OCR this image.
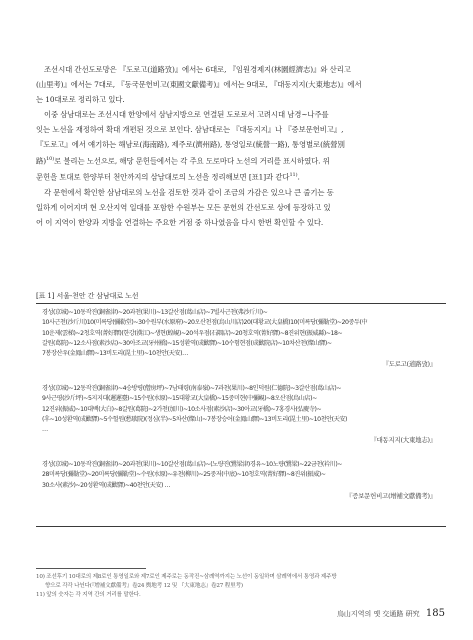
조선시대 간선도로망은 『도로고(道路攷)』에서는 6대로, 『임원경제지(林園經濟志)』와 산리고
(山里考)』에서는 7대로, 『동국문헌비고(東國文獻備考)』에서는 9대로, 『대동지지(大東地志)』에서
는 10대로로 정리하고 있다.

이중 삼남대로는 조선시대 한양에서 삼남지방으로 연결된 도로로서 고려시대 남경~나주를
잇는 노선을 재정하여 확대 개편된 것으로 보인다. 삼남대로는 『대동지지』나 『증보문헌비고』,
『도로고』에서 얘기하는 해남로(海南路), 제주로(濟州路), 통영일로(統營一路), 통영별로(統營別
路)$^{10)}$로 불리는 노선으로, 해당 문헌들에서는 각 주요 도로마다 노선의 거리를 표시하였다. 위
문헌을 토대로 한양부터 천안까지의 삼남대로의 노선을 정리해보면 [표1]과 같다$^{11)}$.

각 문헌에서 확인한 삼남대로의 노선을 검토한 것과 같이 조금의 가감은 있으나 큰 줄기는 동
일하게 이어지며 현 오산지역 일대를 포함한 수원부는 모든 문헌의 간선도로 상에 등장하고 있
어 이 지역이 한양과 지방을 연결하는 주요한 거점 중 하나였음을 다시 한번 확인할 수 있다.

[표 1] 서울-천안 간 삼남대로 노선
경성(京城)~10동작진(銅雀津)~20과천(果川)~13갈산점(葛山店)~7빌사근천(弗沙斤川)~
10사근천(沙斤川)10(미륵당(彌勒堂)~30수원부(水原府)~20오산천점(烏山川店)20(대황교(大皇橋)10(미륵당(彌勒堂)~20중두(中
10운제(雲梯)~2청호역(菁好驛)(한강(漢江)~생현(蝗峴)~20석우점(石隅店)~20청호역(菁好驛)~8진위현(振威縣)~18~
갈원(葛院)~12소사점(素沙店)~30아조교(牙州橋)~15성환역(成歡驛)~10수험현점(成歡院店)~10차산천(燦山驛)~
7봉장산우(金鳳山驛)~13비도리(毘土里)~10천안(天安)…
『도로고(道路攷)』
경성(京城)~12동작진(銅雀津)~4승방평(僧房坪)~7남태령(南泰嶺)~7과천(果川)~8인덕원(仁德院)~3갈산점(葛山店)~
9사근평(沙斤坪)~5지지대(遲遲臺)~15수원(水原)~15대황교(大皇橋)~15중미현(中彌峴)~8오산점(烏山店)~
12진위(振威)~10대백(大白)~8갈원(葛院)~2가천(加川)~10소사점(素沙店)~30아교(牙橋)~7홍경사(弘慶寺)~
(후~10성환역(成歡驛)~5수헐원(愁歇院)(정심(半)~5차산(燦山)~7봉장승어(金鳳山驛)~13비도리(毘土里)~10천안(天安)
…
『대동지지(大東地志)』
경성(京城)~10동작진(銅雀津)~20과천(果川)~10갈산점(葛山店)~(노량진(鷺梁津)경유~10노량(鷺梁)~22금천(衿川)~
28미륵당(彌勒堂)~20미륵당(彌勒堂)~수원(水原)~유천(柳川)~25중저(中底)~10청호역(菁好驛)~8진위(振威)~
30소사(素沙)~20성환역(成歡驛)~40천안(天安) …
『증보문헌비고(增補文獻備考)』
10) 조선후기 10대로의 제8로인 통영일로와 제7로인 제주로는 동작진~삼례역까지는 노선이 동일하며 삼례역에서 통영과 제주방
향으로 각각 나뉜다(『增補文獻備考』卷24 輿地考 12 및 『大東地志』卷27 程里考)
11) 앞의 숫자는 각 지역 간의 거리를 말한다.
烏山지역의 옛 交通路 硏究 185
